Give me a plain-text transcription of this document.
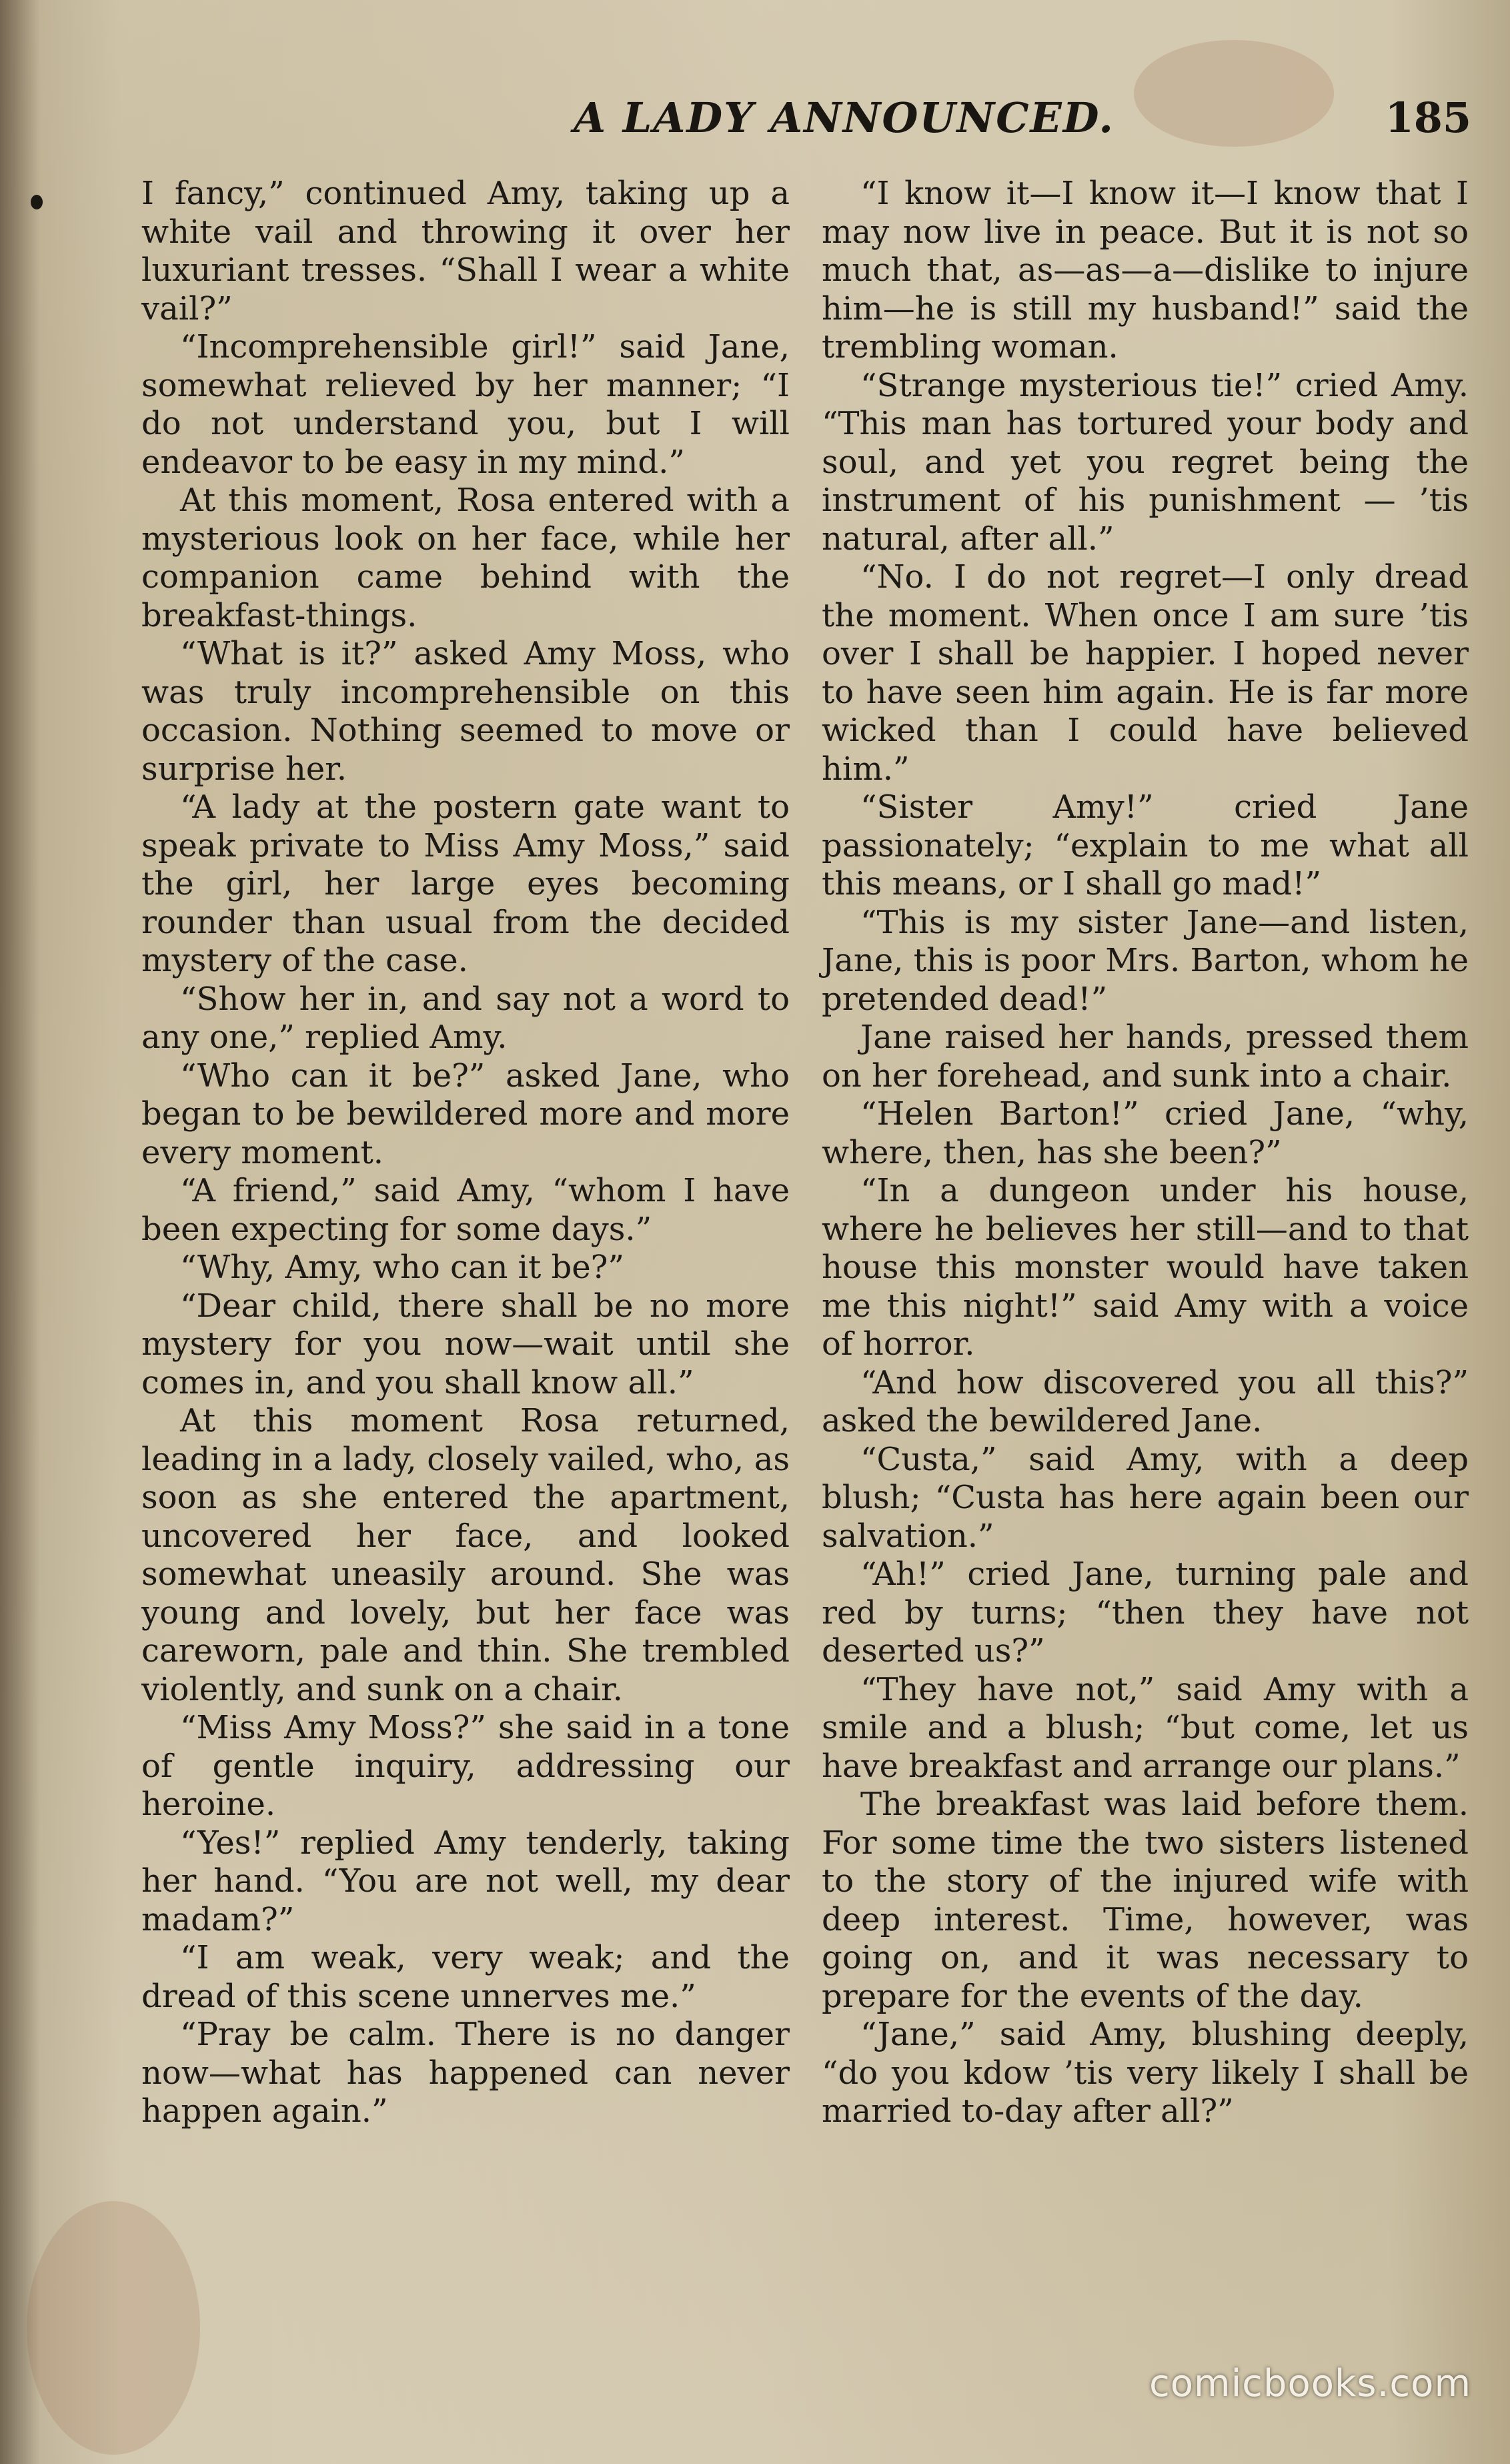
A LADY ANNOUNCED.	185

I fancy,” continued Amy, taking up a white vail and throwing it over her luxuriant tresses. “Shall I wear a white vail?”

“Incomprehensible girl!” said Jane, somewhat relieved by her manner; “I do not understand you, but I will endeavor to be easy in my mind.”

At this moment, Rosa entered with a mysterious look on her face, while her companion came behind with the breakfast-things.

“What is it?” asked Amy Moss, who was truly incomprehensible on this occasion. Nothing seemed to move or surprise her.

“A lady at the postern gate want to speak private to Miss Amy Moss,” said the girl, her large eyes becoming rounder than usual from the decided mystery of the case.

“Show her in, and say not a word to any one,” replied Amy.

“Who can it be?” asked Jane, who began to be bewildered more and more every moment.

“A friend,” said Amy, “whom I have been expecting for some days.”

“Why, Amy, who can it be?”

“Dear child, there shall be no more mystery for you now—wait until she comes in, and you shall know all.”

At this moment Rosa returned, leading in a lady, closely vailed, who, as soon as she entered the apartment, uncovered her face, and looked somewhat uneasily around. She was young and lovely, but her face was careworn, pale and thin. She trembled violently, and sunk on a chair.

“Miss Amy Moss?” she said in a tone of gentle inquiry, addressing our heroine.

“Yes!” replied Amy tenderly, taking her hand. “You are not well, my dear madam?”

“I am weak, very weak; and the dread of this scene unnerves me.”

“Pray be calm. There is no danger now—what has happened can never happen again.”

“I know it—I know it—I know that I may now live in peace. But it is not so much that, as—as—a—dislike to injure him—he is still my husband!” said the trembling woman.

“Strange mysterious tie!” cried Amy. “This man has tortured your body and soul, and yet you regret being the instrument of his punishment — ’tis natural, after all.”

“No. I do not regret—I only dread the moment. When once I am sure ’tis over I shall be happier. I hoped never to have seen him again. He is far more wicked than I could have believed him.”

“Sister Amy!” cried Jane passionately; “explain to me what all this means, or I shall go mad!”

“This is my sister Jane—and listen, Jane, this is poor Mrs. Barton, whom he pretended dead!”

Jane raised her hands, pressed them on her forehead, and sunk into a chair.

“Helen Barton!” cried Jane, “why, where, then, has she been?”

“In a dungeon under his house, where he believes her still—and to that house this monster would have taken me this night!” said Amy with a voice of horror.

“And how discovered you all this?” asked the bewildered Jane.

“Custa,” said Amy, with a deep blush; “Custa has here again been our salvation.”

“Ah!” cried Jane, turning pale and red by turns; “then they have not deserted us?”

“They have not,” said Amy with a smile and a blush; “but come, let us have breakfast and arrange our plans.”

The breakfast was laid before them. For some time the two sisters listened to the story of the injured wife with deep interest. Time, however, was going on, and it was necessary to prepare for the events of the day.

“Jane,” said Amy, blushing deeply, “do you kdow ’tis very likely I shall be married to-day after all?”

comicbooks.com
